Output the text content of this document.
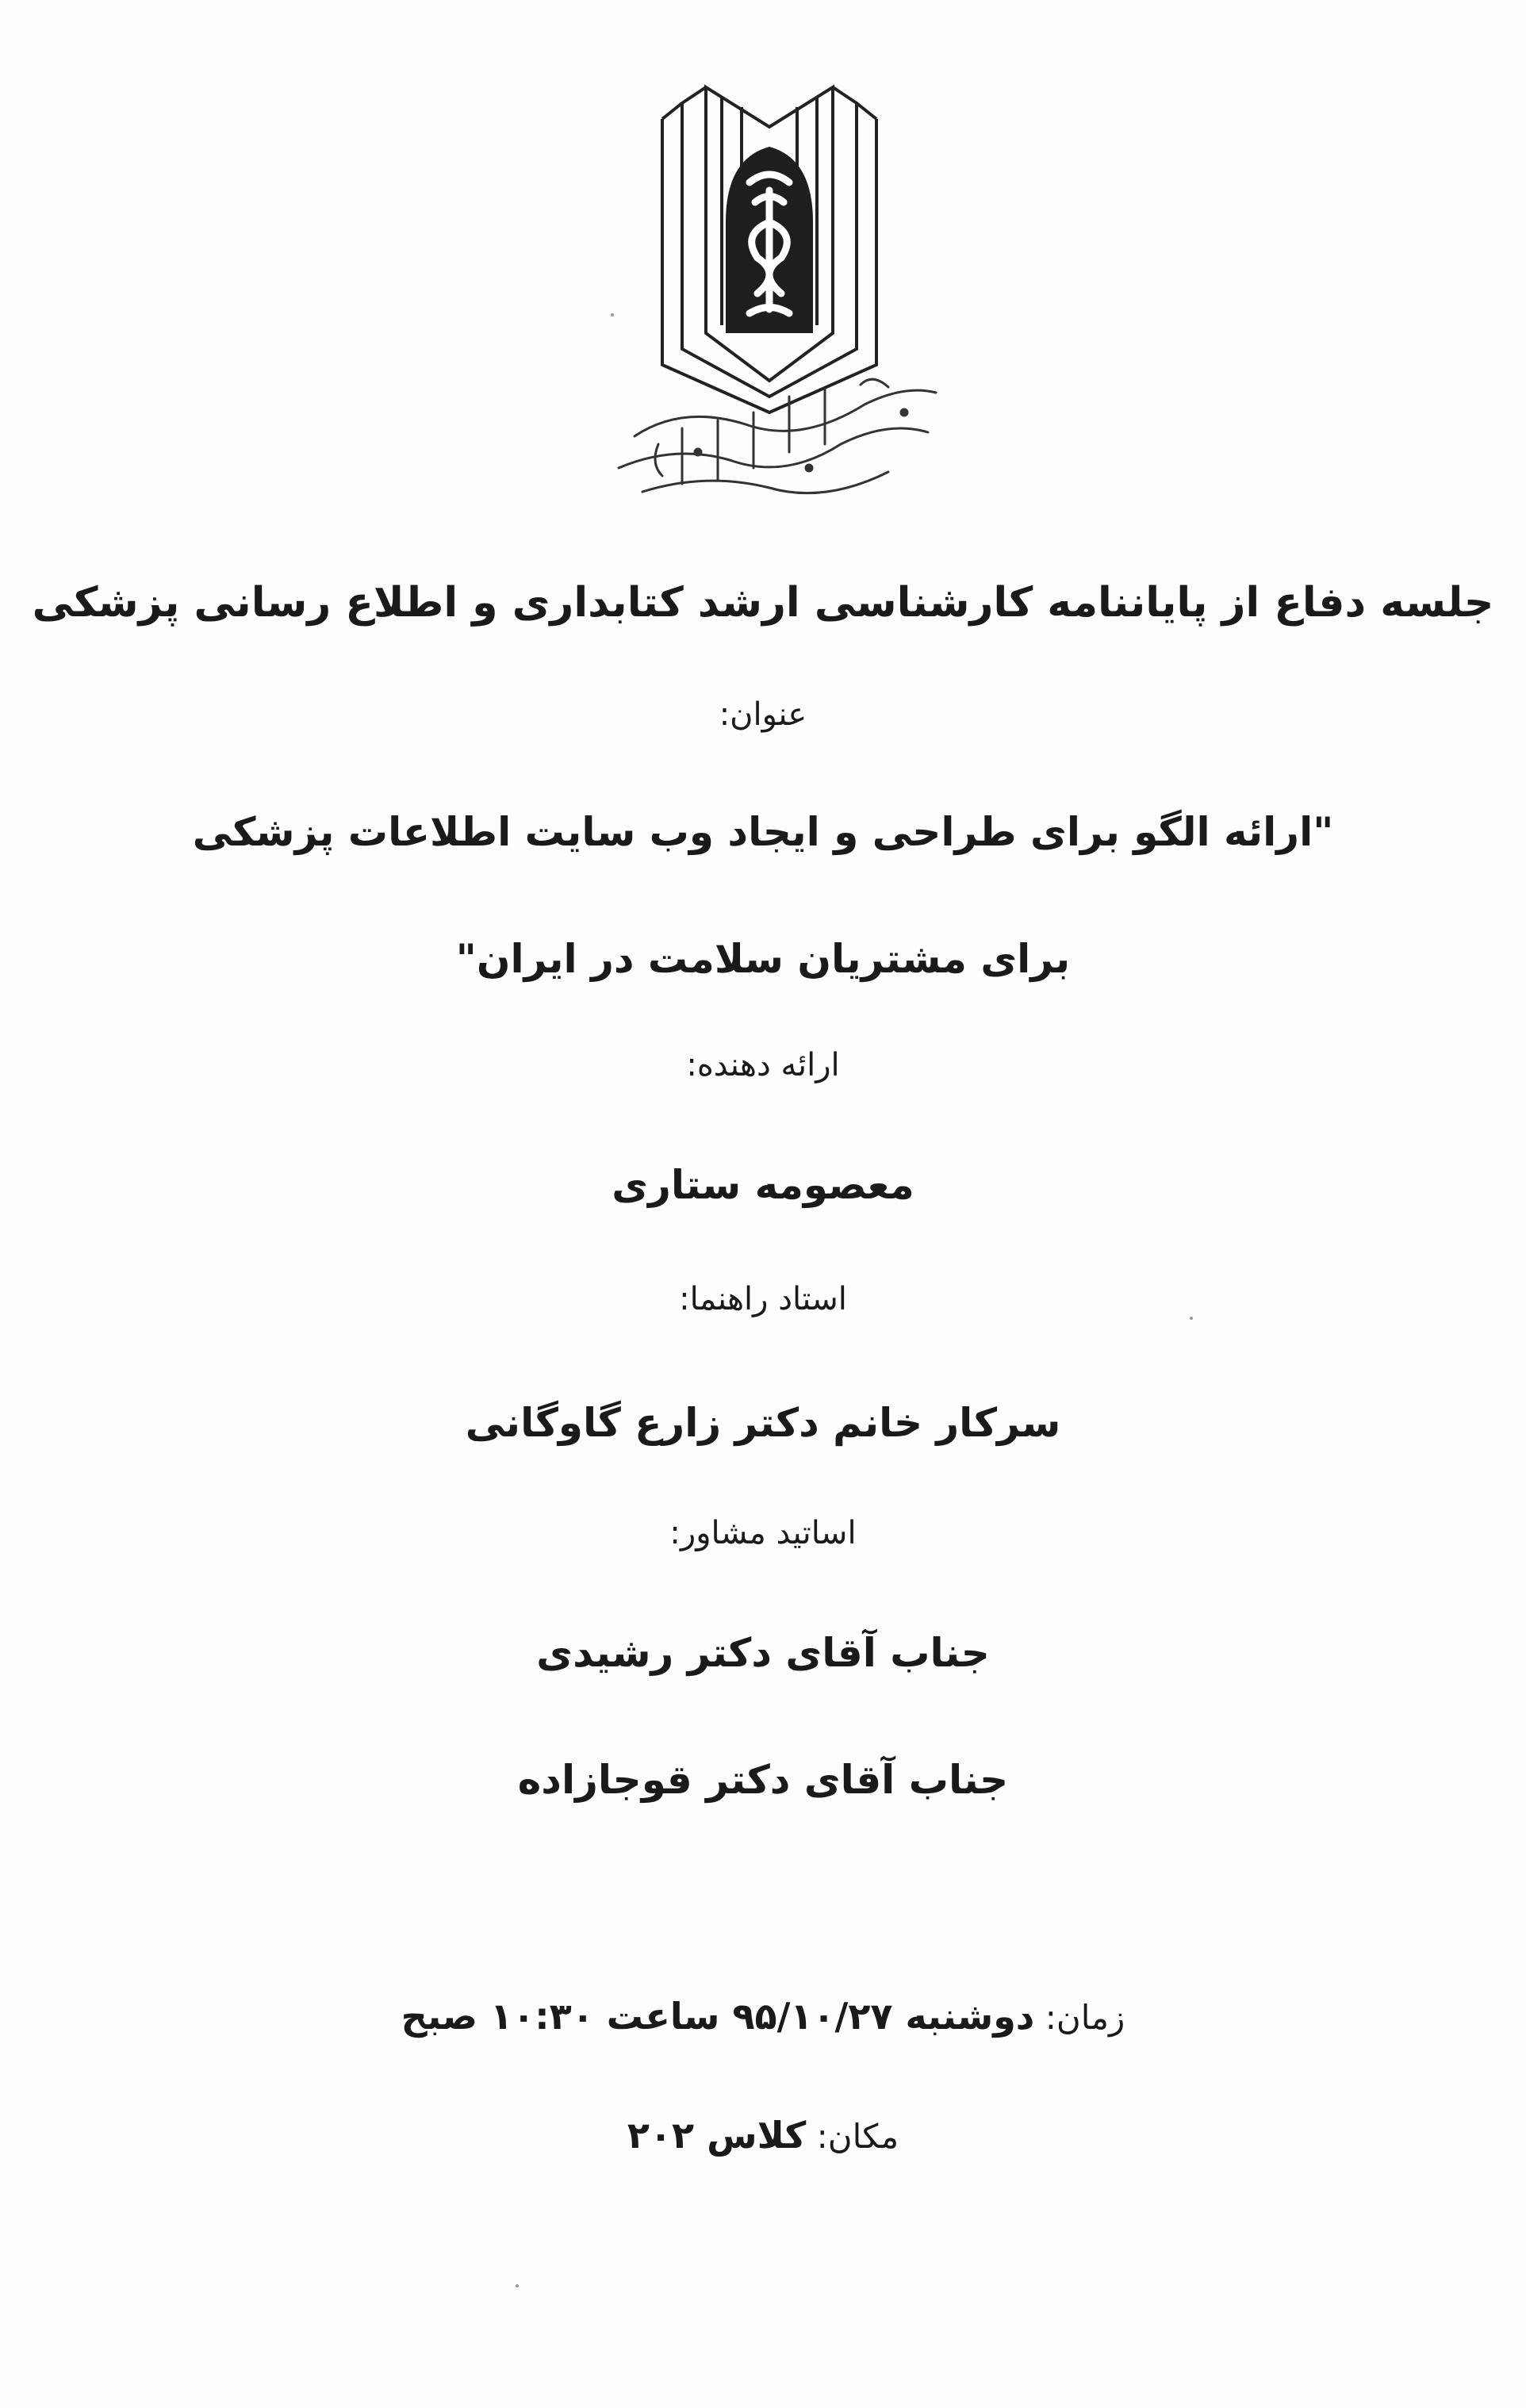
جلسه دفاع از پایاننامه کارشناسی ارشد کتابداری و اطلاع رسانی پزشکی
عنوان:
"ارائه الگو برای طراحی و ایجاد وب سایت اطلاعات پزشکی
برای مشتریان سلامت در ایران"
ارائه دهنده:
معصومه ستاری
استاد راهنما:
سرکار خانم دکتر زارع گاوگانی
اساتید مشاور:
جناب آقای دکتر رشیدی
جناب آقای دکتر قوجازاده
زمان: دوشنبه ۹۵/۱۰/۲۷ ساعت ۱۰:۳۰ صبح
مکان: کلاس ۲۰۲
